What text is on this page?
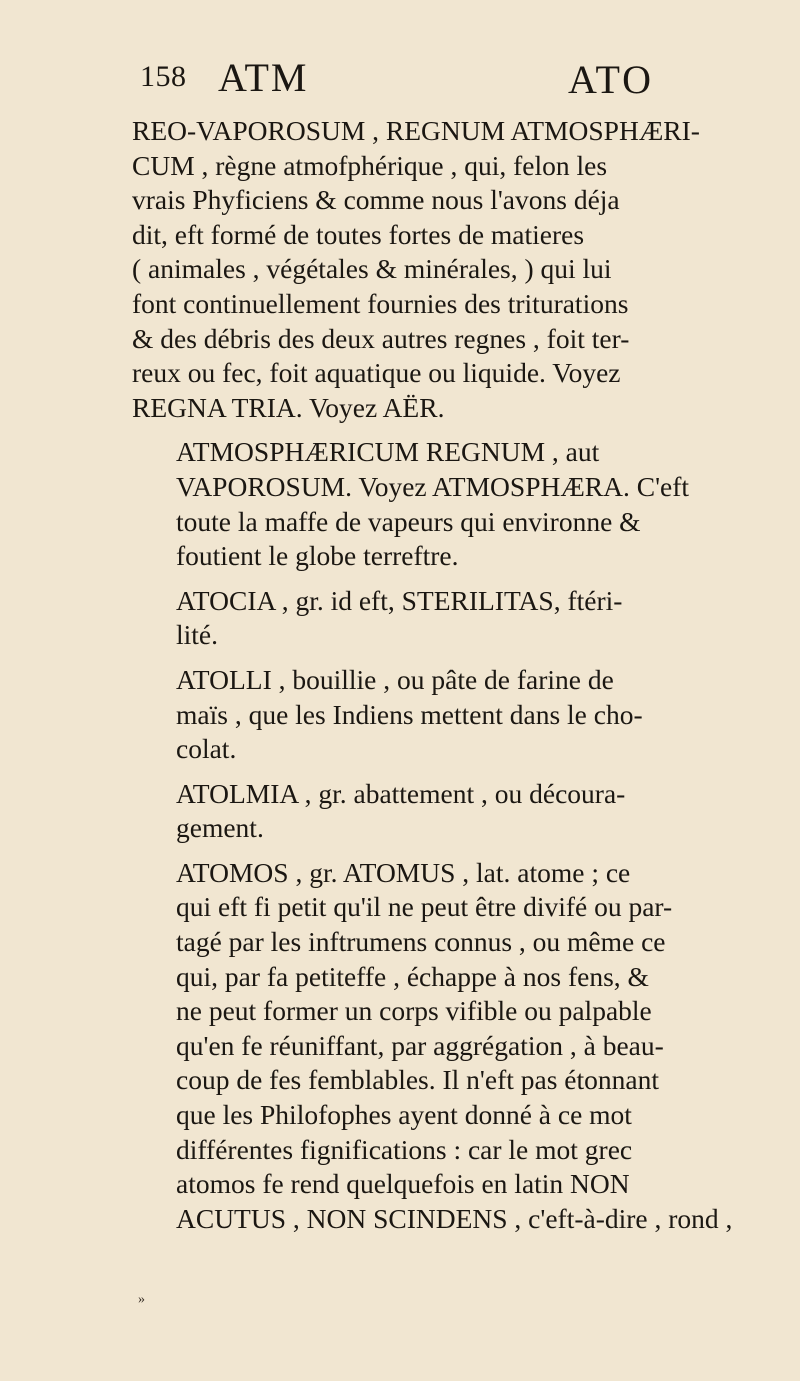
158 ATM	ATO
REO-VAPOROSUM , REGNUM ATMOSPHÆRI-
CUM , règne atmofphérique , qui, felon les
vrais Phyficiens & comme nous l'avons déja
dit, eft formé de toutes fortes de matieres
( animales , végétales & minérales, ) qui lui
font continuellement fournies des triturations
& des débris des deux autres regnes , foit ter-
reux ou fec, foit aquatique ou liquide. Voyez
REGNA TRIA. Voyez AËR.
ATMOSPHÆRICUM REGNUM , aut
VAPOROSUM. Voyez ATMOSPHÆRA. C'eft
toute la maffe de vapeurs qui environne &
foutient le globe terreftre.
ATOCIA , gr. id eft, STERILITAS, ftéri-
lité.
ATOLLI , bouillie , ou pâte de farine de
maïs , que les Indiens mettent dans le cho-
colat.
ATOLMIA , gr. abattement , ou découra-
gement.
ATOMOS , gr. ATOMUS , lat. atome ; ce
qui eft fi petit qu'il ne peut être divifé ou par-
tagé par les inftrumens connus , ou même ce
qui, par fa petiteffe , échappe à nos fens, &
ne peut former un corps vifible ou palpable
qu'en fe réuniffant, par aggrégation , à beau-
coup de fes femblables. Il n'eft pas étonnant
que les Philofophes ayent donné à ce mot
différentes fignifications : car le mot grec
atomos fe rend quelquefois en latin NON
ACUTUS , NON SCINDENS , c'eft-à-dire , rond ,
»
